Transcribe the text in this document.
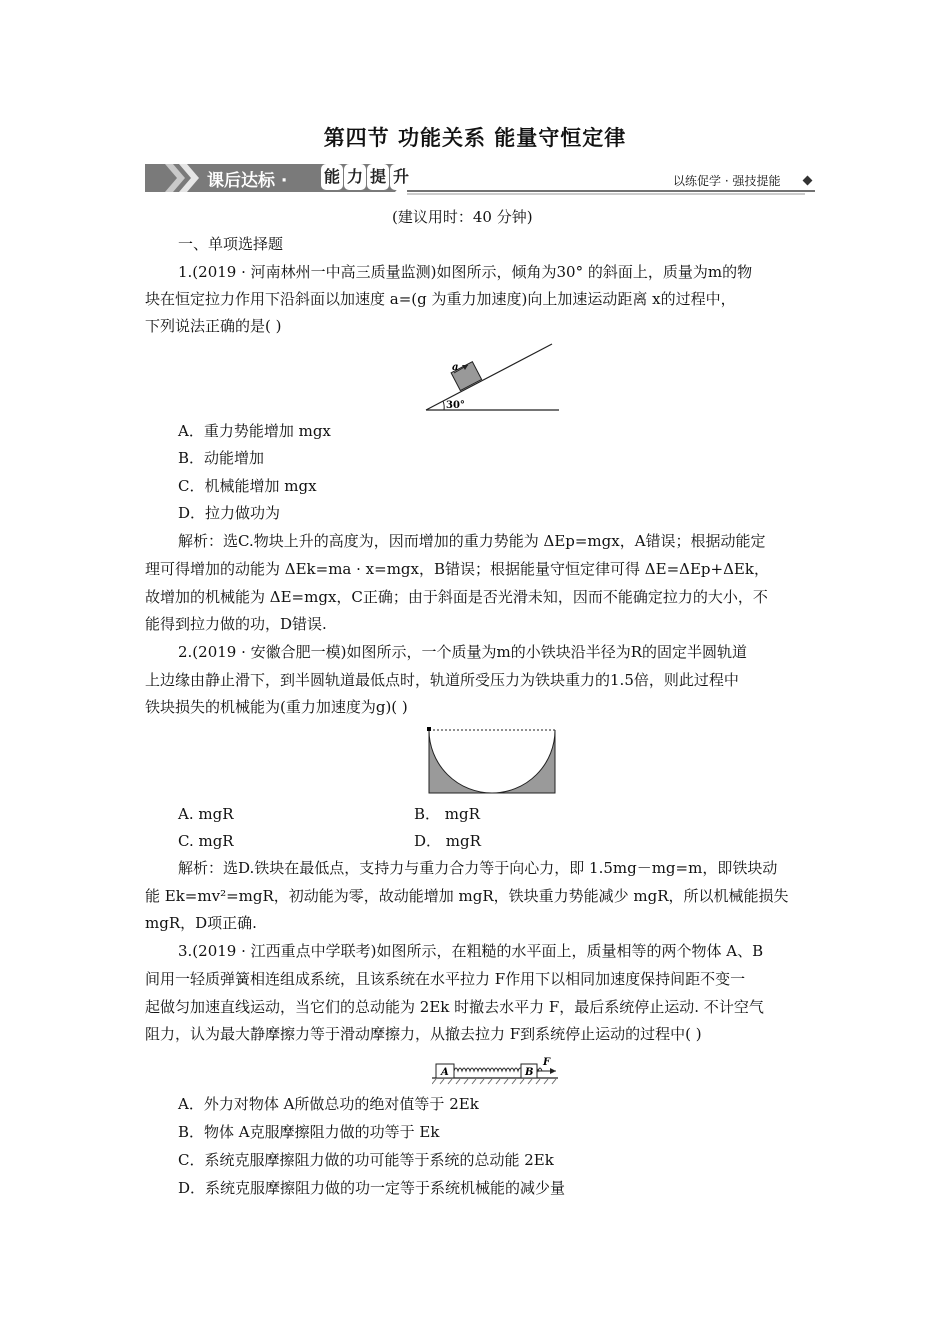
第四节 功能关系 能量守恒定律
课后达标 · 能 力 提 升	以练促学 · 强技提能
(建议用时：40 分钟)
一、单项选择题
1.(2019 · 河南林州一中高三质量监测)如图所示，倾角为30° 的斜面上，质量为m的物
块在恒定拉力作用下沿斜面以加速度 a=(g 为重力加速度)向上加速运动距离 x的过程中，
下列说法正确的是( )
a
30°
A．重力势能增加 mgx
B．动能增加
C．机械能增加 mgx
D．拉力做功为
解析：选C.物块上升的高度为，因而增加的重力势能为 ΔEp=mgx，A错误；根据动能定
理可得增加的动能为 ΔEk=ma · x=mgx，B错误；根据能量守恒定律可得 ΔE=ΔEp+ΔEk，
故增加的机械能为 ΔE=mgx，C正确；由于斜面是否光滑未知，因而不能确定拉力的大小，不
能得到拉力做的功，D错误.
2.(2019 · 安徽合肥一模)如图所示，一个质量为m的小铁块沿半径为R的固定半圆轨道
上边缘由静止滑下，到半圆轨道最低点时，轨道所受压力为铁块重力的1.5倍，则此过程中
铁块损失的机械能为(重力加速度为g)( )
A. mgR	B． mgR
C. mgR	D． mgR
解析：选D.铁块在最低点，支持力与重力合力等于向心力，即 1.5mg－mg=m，即铁块动
能 Ek=mv²=mgR，初动能为零，故动能增加 mgR，铁块重力势能减少 mgR，所以机械能损失
mgR，D项正确.
3.(2019 · 江西重点中学联考)如图所示，在粗糙的水平面上，质量相等的两个物体 A、B
间用一轻质弹簧相连组成系统，且该系统在水平拉力 F作用下以相同加速度保持间距不变一
起做匀加速直线运动，当它们的总动能为 2Ek 时撤去水平力 F，最后系统停止运动. 不计空气
阻力，认为最大静摩擦力等于滑动摩擦力，从撤去拉力 F到系统停止运动的过程中( )
A	B
F
A．外力对物体 A所做总功的绝对值等于 2Ek
B．物体 A克服摩擦阻力做的功等于 Ek
C．系统克服摩擦阻力做的功可能等于系统的总动能 2Ek
D．系统克服摩擦阻力做的功一定等于系统机械能的减少量
